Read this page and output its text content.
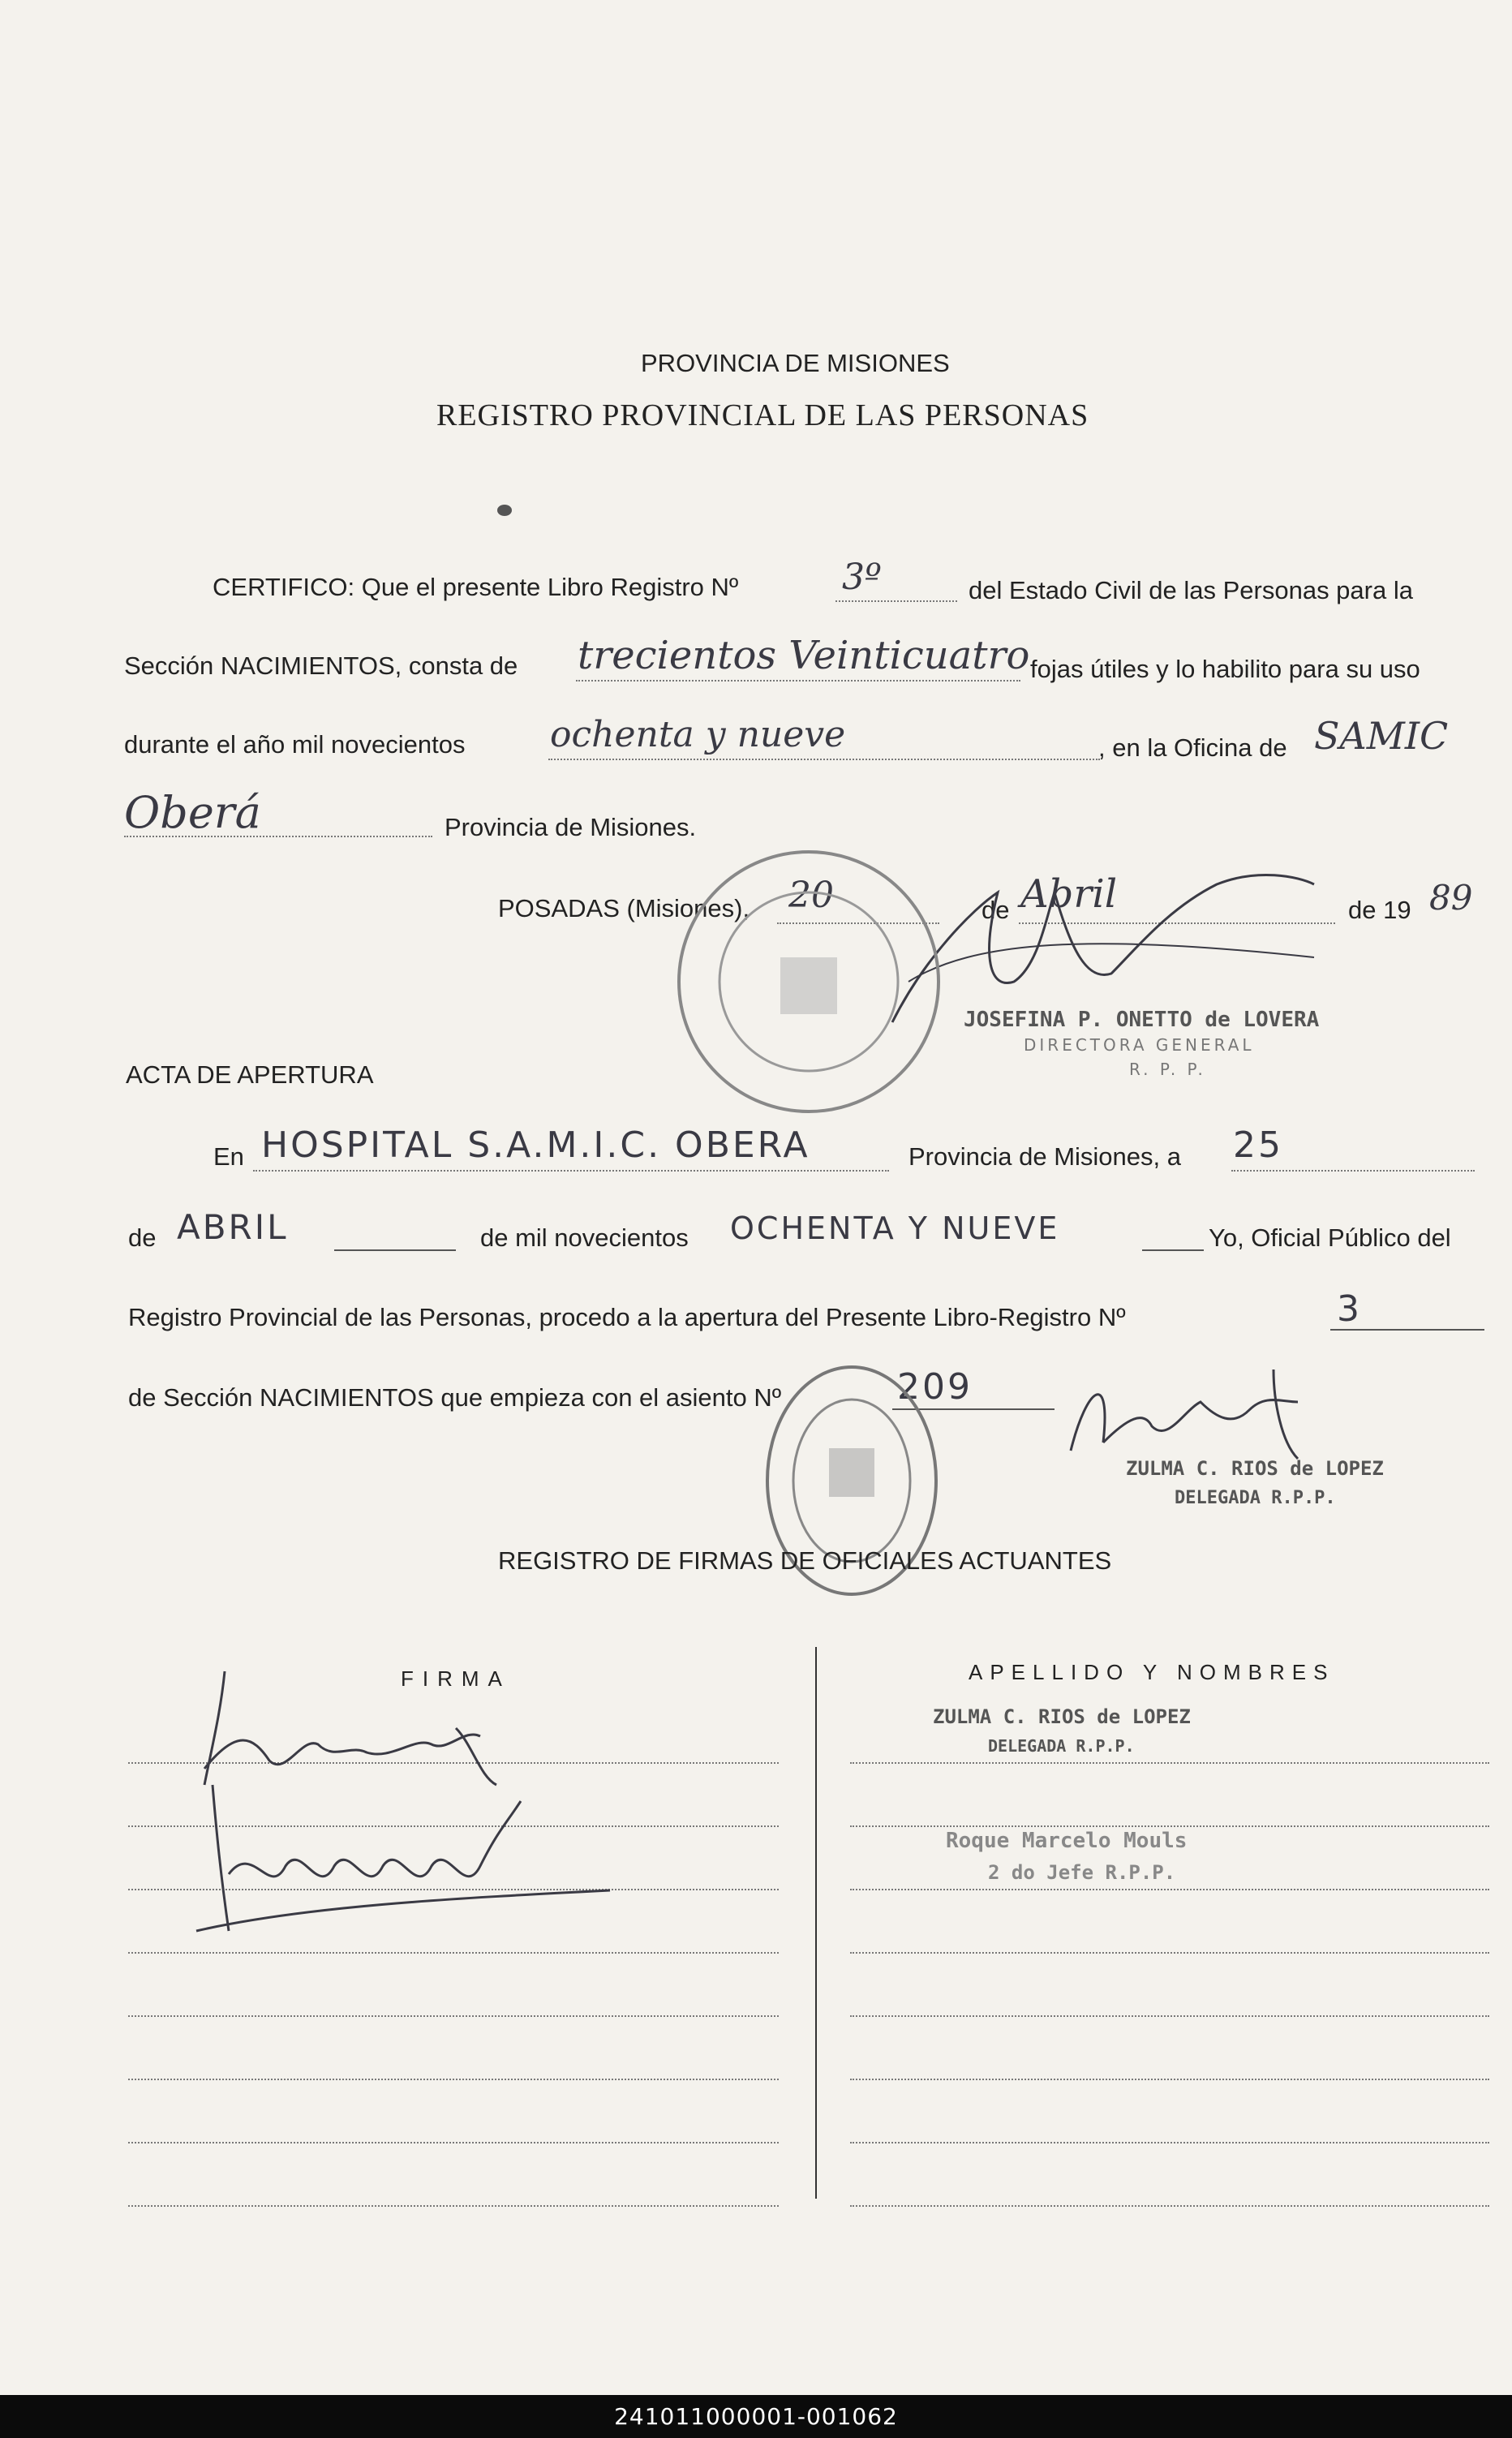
PROVINCIA DE MISIONES
REGISTRO PROVINCIAL DE LAS PERSONAS
CERTIFICO: Que el presente Libro Registro Nº	3º	del Estado Civil de las Personas para la
Sección NACIMIENTOS, consta de trecientos Veinticuatro fojas útiles y lo habilito para su uso
durante el año mil novecientos ochenta y nueve	, en la Oficina de SAMIC
Oberá	Provincia de Misiones.
POSADAS (Misiones), 20	de Abril	de 19 89
JOSEFINA P. ONETTO de LOVERA
DIRECTORA GENERAL
R. P. P.
ACTA DE APERTURA
En HOSPITAL S.A.M.I.C. OBERA	Provincia de Misiones, a 25
de ABRIL	de mil novecientos OCHENTA Y NUEVE	Yo, Oficial Público del
Registro Provincial de las Personas, procedo a la apertura del Presente Libro-Registro Nº	3
de Sección NACIMIENTOS que empieza con el asiento Nº	209
ZULMA C. RIOS de LOPEZ
DELEGADA R.P.P.
REGISTRO DE FIRMAS DE OFICIALES ACTUANTES
FIRMA	APELLIDO Y NOMBRES
ZULMA C. RIOS de LOPEZ
DELEGADA R.P.P.
Roque Marcelo Mouls
2 do Jefe R.P.P.
241011000001-001062
